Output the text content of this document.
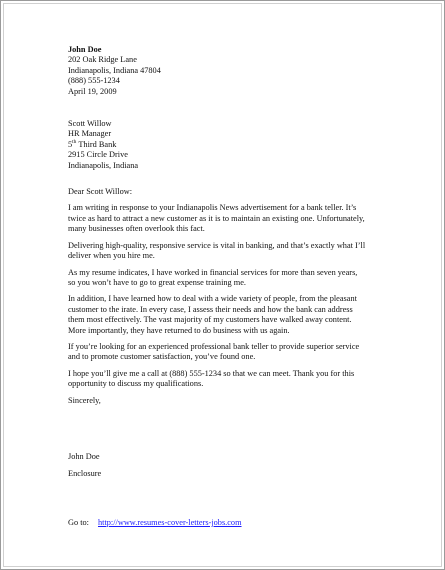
John Doe
202 Oak Ridge Lane
Indianapolis, Indiana 47804
(888) 555-1234
April 19, 2009
Scott Willow
HR Manager
5th Third Bank
2915 Circle Drive
Indianapolis, Indiana
Dear Scott Willow:
I am writing in response to your Indianapolis News advertisement for a bank teller. It’s
twice as hard to attract a new customer as it is to maintain an existing one. Unfortunately,
many businesses often overlook this fact.
Delivering high-quality, responsive service is vital in banking, and that’s exactly what I’ll
deliver when you hire me.
As my resume indicates, I have worked in financial services for more than seven years,
so you won’t have to go to great expense training me.
In addition, I have learned how to deal with a wide variety of people, from the pleasant
customer to the irate. In every case, I assess their needs and how the bank can address
them most effectively. The vast majority of my customers have walked away content.
More importantly, they have returned to do business with us again.
If you’re looking for an experienced professional bank teller to provide superior service
and to promote customer satisfaction, you’ve found one.
I hope you’ll give me a call at (888) 555-1234 so that we can meet. Thank you for this
opportunity to discuss my qualifications.
Sincerely,
John Doe
Enclosure
Go to: http://www.resumes-cover-letters-jobs.com
